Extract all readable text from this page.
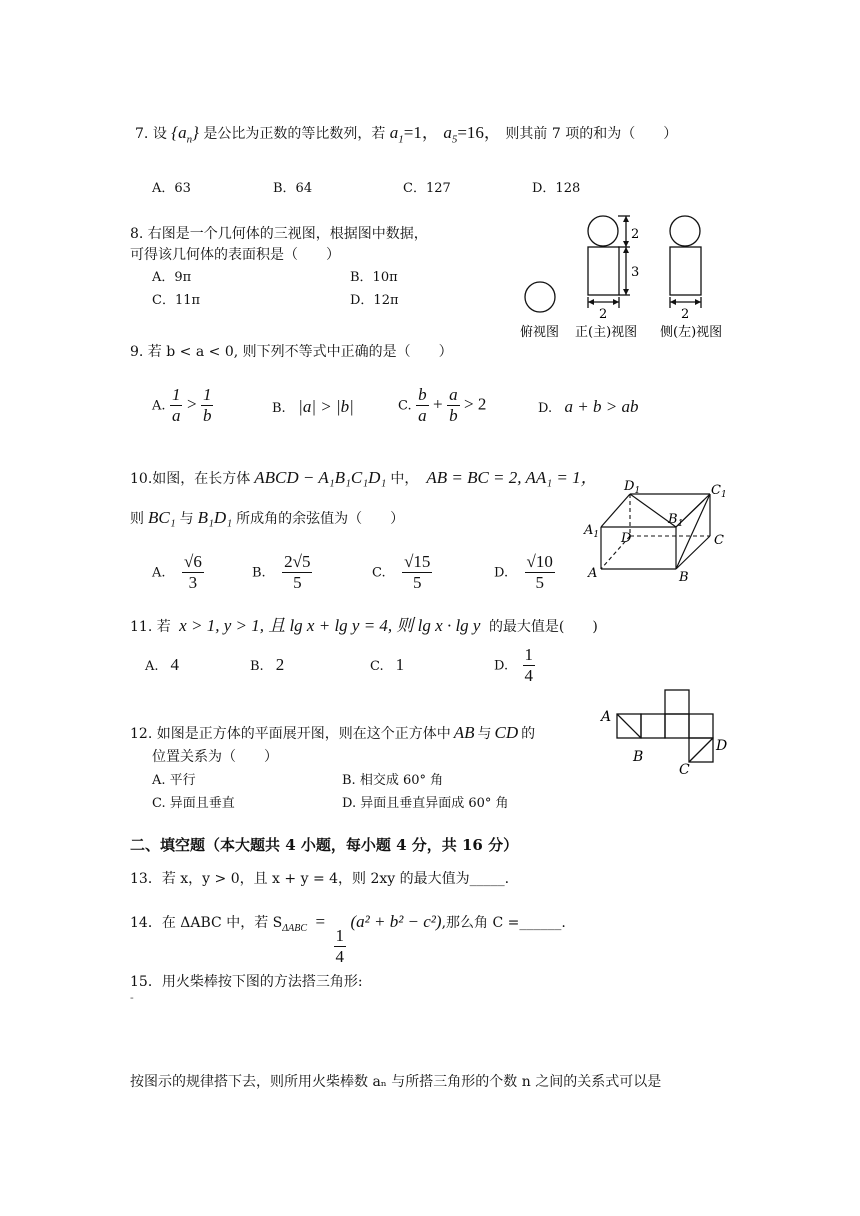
7. 设 $\{a_n\}$ 是公比为正数的等比数列，若 $a_1=1$， $a_5=16$， 则其前 7 项的和为（　　）
A．63	B．64	C．127	D．128
8. 右图是一个几何体的三视图，根据图中数据，
可得该几何体的表面积是（　　）
A．9π	B．10π
C．11π	D．12π
2
3
2	2
俯视图 正(主)视图 侧(左)视图
9. 若 b < a < 0, 则下列不等式中正确的是（　　）
A. $\frac{1}{a} > \frac{1}{b}$	B. |a| > |b|	C. $\frac{b}{a} + \frac{a}{b} > 2$	D. a + b > ab
10.如图，在长方体 ABCD − A₁B₁C₁D₁ 中， AB = BC = 2, AA₁ = 1，
则 BC₁ 与 B₁D₁ 所成角的余弦值为（　　）
A. $\frac{√6}{3}$	B. $\frac{2√5}{5}$	C. $\frac{√15}{5}$	D. $\frac{√10}{5}$
$D_1$	$C_1$
$A_1$
$B_1$
D	C
A	B
11. 若 x > 1, y > 1, 且 lg x + lg y = 4, 则 lg x · lg y 的最大值是(　　)
A. 4	B. 2	C. 1	D. $\frac{1}{4}$
12. 如图是正方体的平面展开图，则在这个正方体中 AB 与 CD 的
位置关系为（　　）
A. 平行	B. 相交成 60° 角
C. 异面且垂直	D. 异面且垂直异面成 60° 角
A
B
C
D
二、填空题（本大题共 4 小题，每小题 4 分，共 16 分）
13．若 x，y > 0，且 x + y = 4，则 2xy 的最大值为_____.
14．在 ΔABC 中，若 $S_{\Delta ABC}$ =
$\frac{1}{4}$
(a² + b² − c²),那么角 C =______.
15．用火柴棒按下图的方法搭三角形:
-
按图示的规律搭下去，则所用火柴棒数 aₙ 与所搭三角形的个数 n 之间的关系式可以是
